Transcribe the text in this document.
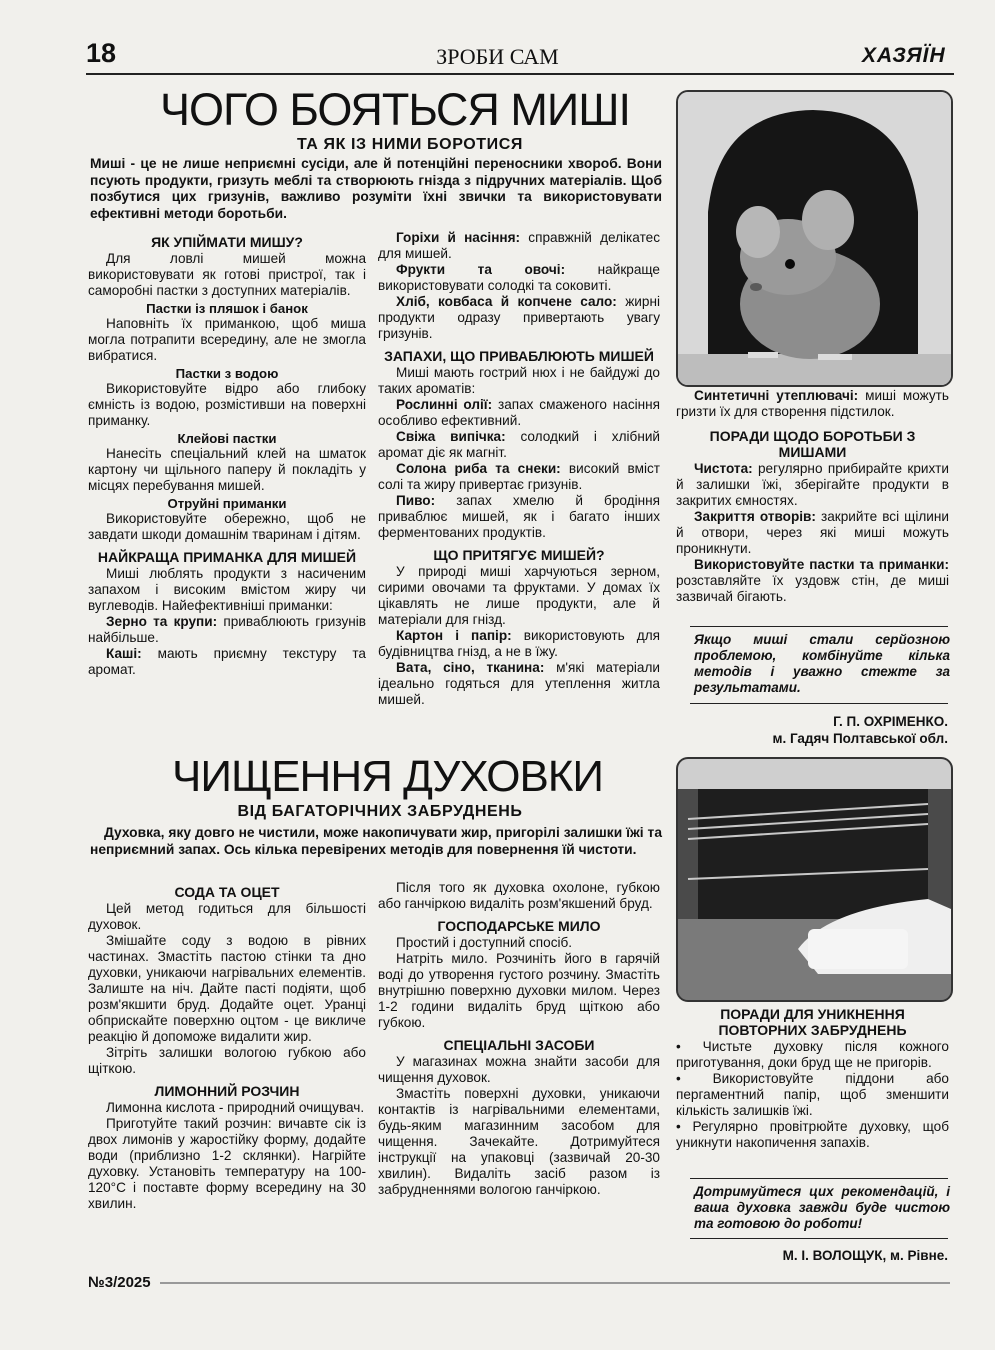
18	ЗРОБИ САМ	ХАЗЯЇН
ЧОГО БОЯТЬСЯ МИШІ
ТА ЯК ІЗ НИМИ БОРОТИСЯ
Миші - це не лише неприємні сусіди, але й потенційні переносники хвороб. Вони псують продукти, гризуть меблі та створюють гнізда з підручних матеріалів. Щоб позбутися цих гризунів, важливо розуміти їхні звички та використовувати ефективні методи боротьби.
ЯК УПІЙМАТИ МИШУ?

Для ловлі мишей можна використовувати як готові пристрої, так і саморобні пастки з доступних матеріалів.

Пастки із пляшок і банок

Наповніть їх приманкою, щоб миша могла потрапити всередину, але не змогла вибратися.

Пастки з водою

Використовуйте відро або глибоку ємність із водою, розмістивши на поверхні приманку.

Клейові пастки

Нанесіть спеціальний клей на шматок картону чи щільного паперу й покладіть у місцях перебування мишей.

Отруйні приманки

Використовуйте обережно, щоб не завдати шкоди домашнім тваринам і дітям.

НАЙКРАЩА ПРИМАНКА ДЛЯ МИШЕЙ

Миші люблять продукти з насиченим запахом і високим вмістом жиру чи вуглеводів. Найефективніші приманки:

Зерно та крупи: приваблюють гризунів найбільше.

Каші: мають приємну текстуру та аромат.

Горіхи й насіння: справжній делікатес для мишей.

Фрукти та овочі: найкраще використовувати солодкі та соковиті.

Хліб, ковбаса й копчене сало: жирні продукти одразу привертають увагу гризунів.

ЗАПАХИ, ЩО ПРИВАБЛЮЮТЬ МИШЕЙ

Миші мають гострий нюх і не байдужі до таких ароматів:

Рослинні олії: запах смаженого насіння особливо ефективний.

Свіжа випічка: солодкий і хлібний аромат діє як магніт.

Солона риба та снеки: високий вміст солі та жиру привертає гризунів.

Пиво: запах хмелю й бродіння приваблює мишей, як і багато інших ферментованих продуктів.

ЩО ПРИТЯГУЄ МИШЕЙ?

У природі миші харчуються зерном, сирими овочами та фруктами. У домах їх цікавлять не лише продукти, але й матеріали для гнізд.

Картон і папір: використовують для будівництва гнізд, а не в їжу.

Вата, сіно, тканина: м'які матеріали ідеально годяться для утеплення житла мишей.

Синтетичні утеплювачі: миші можуть гризти їх для створення підстилок.

ПОРАДИ ЩОДО БОРОТЬБИ З МИШАМИ

Чистота: регулярно прибирайте крихти й залишки їжі, зберігайте продукти в закритих ємностях.

Закриття отворів: закрийте всі щілини й отвори, через які миші можуть проникнути.

Використовуйте пастки та приманки: розставляйте їх уздовж стін, де миші зазвичай бігають.

Якщо миші стали серйозною проблемою, комбінуйте кілька методів і уважно стежте за результатами.
Г. П. ОХРІМЕНКО.
м. Гадяч Полтавської обл.
ЧИЩЕННЯ ДУХОВКИ
ВІД БАГАТОРІЧНИХ ЗАБРУДНЕНЬ
Духовка, яку довго не чистили, може накопичувати жир, пригорілі залишки їжі та неприємний запах. Ось кілька перевірених методів для повернення їй чистоти.
СОДА ТА ОЦЕТ

Цей метод годиться для більшості духовок.

Змішайте соду з водою в рівних частинах. Змастіть пастою стінки та дно духовки, уникаючи нагрівальних елементів. Залиште на ніч. Дайте пасті подіяти, щоб розм'якшити бруд. Додайте оцет. Уранці обприскайте поверхню оцтом - це викличе реакцію й допоможе видалити жир.

Зітріть залишки вологою губкою або щіткою.

ЛИМОННИЙ РОЗЧИН

Лимонна кислота - природний очищувач.

Приготуйте такий розчин: вичавте сік із двох лимонів у жаростійку форму, додайте води (приблизно 1-2 склянки). Нагрійте духовку. Установіть температуру на 100-120°C і поставте форму всередину на 30 хвилин.

Після того як духовка охолоне, губкою або ганчіркою видаліть розм'якшений бруд.

ГОСПОДАРСЬКЕ МИЛО

Простий і доступний спосіб.

Натріть мило. Розчиніть його в гарячій воді до утворення густого розчину. Змастіть внутрішню поверхню духовки милом. Через 1-2 години видаліть бруд щіткою або губкою.

СПЕЦІАЛЬНІ ЗАСОБИ

У магазинах можна знайти засоби для чищення духовок.

Змастіть поверхні духовки, уникаючи контактів із нагрівальними елементами, будь-яким магазинним засобом для чищення. Зачекайте. Дотримуйтеся інструкції на упаковці (зазвичай 20-30 хвилин). Видаліть засіб разом із забрудненнями вологою ганчіркою.

ПОРАДИ ДЛЯ УНИКНЕННЯ ПОВТОРНИХ ЗАБРУДНЕНЬ

• Чистьте духовку після кожного приготування, доки бруд ще не пригорів.

• Використовуйте піддони або пергаментний папір, щоб зменшити кількість залишків їжі.

• Регулярно провітрюйте духовку, щоб уникнути накопичення запахів.

Дотримуйтеся цих рекомендацій, і ваша духовка завжди буде чистою та готовою до роботи!
М. І. ВОЛОЩУК, м. Рівне.
№3/2025
